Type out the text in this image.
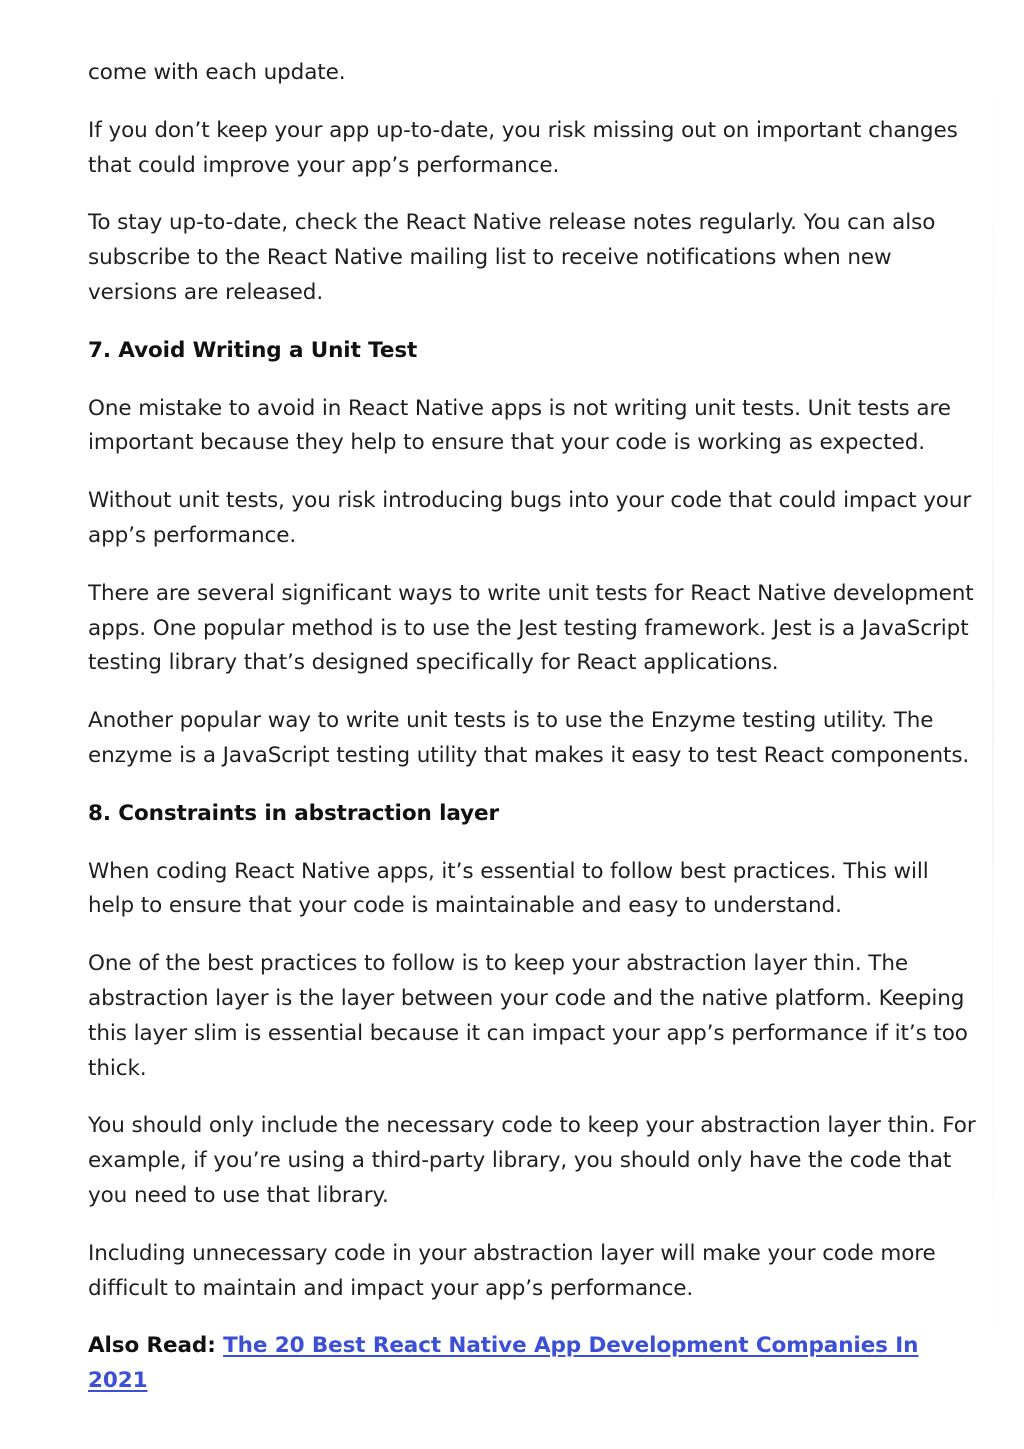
come with each update.

If you don’t keep your app up-to-date, you risk missing out on important changes that could improve your app’s performance.

To stay up-to-date, check the React Native release notes regularly. You can also subscribe to the React Native mailing list to receive notifications when new versions are released.

7. Avoid Writing a Unit Test

One mistake to avoid in React Native apps is not writing unit tests. Unit tests are important because they help to ensure that your code is working as expected.

Without unit tests, you risk introducing bugs into your code that could impact your app’s performance.

There are several significant ways to write unit tests for React Native development apps. One popular method is to use the Jest testing framework. Jest is a JavaScript testing library that’s designed specifically for React applications.

Another popular way to write unit tests is to use the Enzyme testing utility. The enzyme is a JavaScript testing utility that makes it easy to test React components.

8. Constraints in abstraction layer

When coding React Native apps, it’s essential to follow best practices. This will help to ensure that your code is maintainable and easy to understand.

One of the best practices to follow is to keep your abstraction layer thin. The abstraction layer is the layer between your code and the native platform. Keeping this layer slim is essential because it can impact your app’s performance if it’s too thick.

You should only include the necessary code to keep your abstraction layer thin. For example, if you’re using a third-party library, you should only have the code that you need to use that library.

Including unnecessary code in your abstraction layer will make your code more difficult to maintain and impact your app’s performance.

Also Read: The 20 Best React Native App Development Companies In 2021
